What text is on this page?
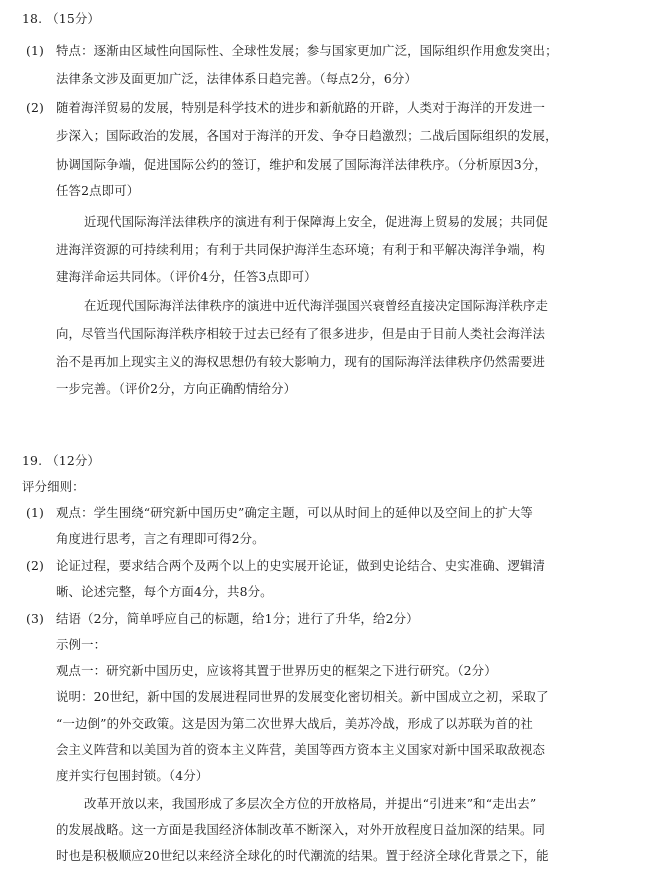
18. （15分）
(1) 特点：逐渐由区域性向国际性、全球性发展；参与国家更加广泛，国际组织作用愈发突出；
法律条文涉及面更加广泛，法律体系日趋完善。（每点2分，6分）
(2) 随着海洋贸易的发展，特别是科学技术的进步和新航路的开辟，人类对于海洋的开发进一
步深入；国际政治的发展，各国对于海洋的开发、争夺日趋激烈；二战后国际组织的发展，
协调国际争端，促进国际公约的签订，维护和发展了国际海洋法律秩序。（分析原因3分，
任答2点即可）
近现代国际海洋法律秩序的演进有利于保障海上安全，促进海上贸易的发展；共同促
进海洋资源的可持续利用；有利于共同保护海洋生态环境；有利于和平解决海洋争端，构
建海洋命运共同体。（评价4分，任答3点即可）
在近现代国际海洋法律秩序的演进中近代海洋强国兴衰曾经直接决定国际海洋秩序走
向，尽管当代国际海洋秩序相较于过去已经有了很多进步，但是由于目前人类社会海洋法
治不是再加上现实主义的海权思想仍有较大影响力，现有的国际海洋法律秩序仍然需要进
一步完善。（评价2分，方向正确酌情给分）
19. （12分）
评分细则：
(1) 观点：学生围绕“研究新中国历史”确定主题，可以从时间上的延伸以及空间上的扩大等
角度进行思考，言之有理即可得2分。
(2) 论证过程，要求结合两个及两个以上的史实展开论证，做到史论结合、史实准确、逻辑清
晰、论述完整，每个方面4分，共8分。
(3) 结语（2分，简单呼应自己的标题，给1分；进行了升华，给2分）
示例一：
观点一：研究新中国历史，应该将其置于世界历史的框架之下进行研究。（2分）
说明：20世纪，新中国的发展进程同世界的发展变化密切相关。新中国成立之初，采取了
“一边倒”的外交政策。这是因为第二次世界大战后，美苏冷战，形成了以苏联为首的社
会主义阵营和以美国为首的资本主义阵营，美国等西方资本主义国家对新中国采取敌视态
度并实行包围封锁。（4分）
改革开放以来，我国形成了多层次全方位的开放格局，并提出“引进来”和“走出去”
的发展战略。这一方面是我国经济体制改革不断深入，对外开放程度日益加深的结果。同
时也是积极顺应20世纪以来经济全球化的时代潮流的结果。置于经济全球化背景之下，能
